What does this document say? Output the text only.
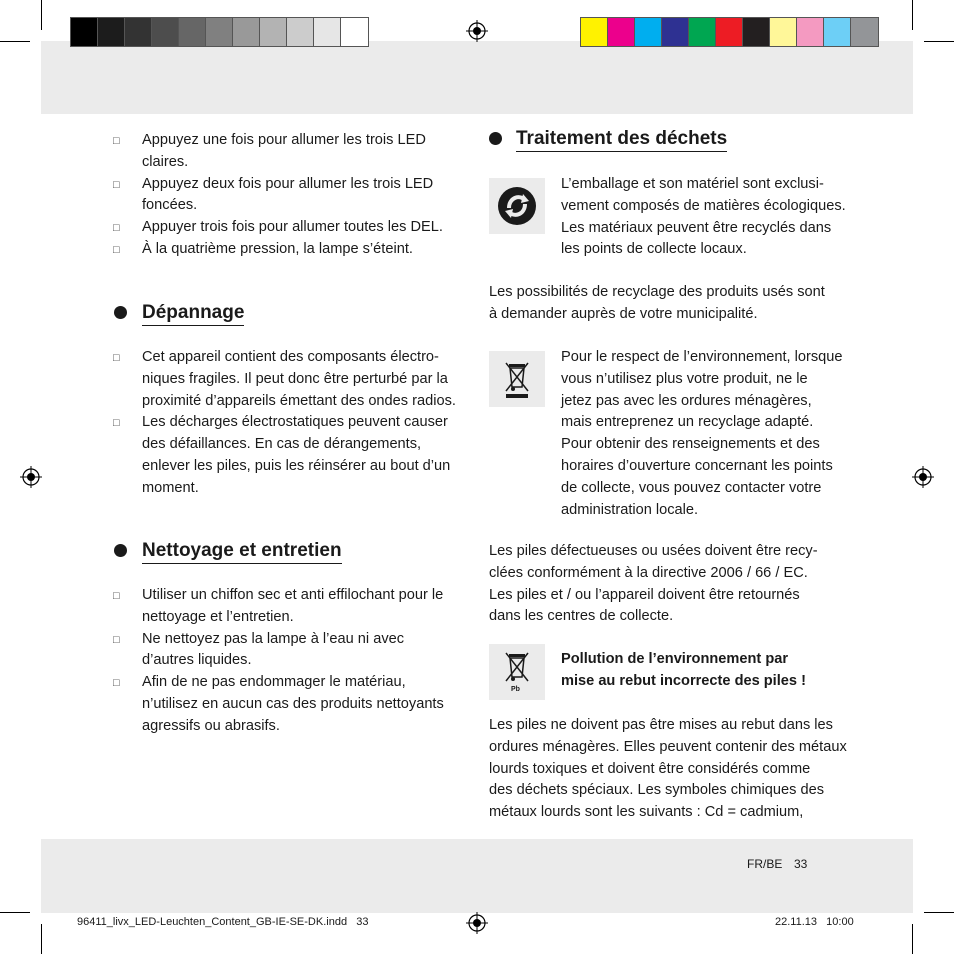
□ Appuyez une fois pour allumer les trois LED
claires.
□ Appuyez deux fois pour allumer les trois LED
foncées.
□ Appuyer trois fois pour allumer toutes les DEL.
□ À la quatrième pression, la lampe s’éteint.
Dépannage
□ Cet appareil contient des composants électro-
niques fragiles. Il peut donc être perturbé par la
proximité d’appareils émettant des ondes radios.
□ Les décharges électrostatiques peuvent causer
des défaillances. En cas de dérangements,
enlever les piles, puis les réinsérer au bout d’un
moment.
Nettoyage et entretien
□ Utiliser un chiffon sec et anti effilochant pour le
nettoyage et l’entretien.
□ Ne nettoyez pas la lampe à l’eau ni avec
d’autres liquides.
□ Afin de ne pas endommager le matériau,
n’utilisez en aucun cas des produits nettoyants
agressifs ou abrasifs.
Traitement des déchets
L’emballage et son matériel sont exclusi-
vement composés de matières écologiques.
Les matériaux peuvent être recyclés dans
les points de collecte locaux.
Les possibilités de recyclage des produits usés sont
à demander auprès de votre municipalité.
Pour le respect de l’environnement, lorsque
vous n’utilisez plus votre produit, ne le
jetez pas avec les ordures ménagères,
mais entreprenez un recyclage adapté.
Pour obtenir des renseignements et des
horaires d’ouverture concernant les points
de collecte, vous pouvez contacter votre
administration locale.
Les piles défectueuses ou usées doivent être recy-
clées conformément à la directive 2006 / 66 / EC.
Les piles et / ou l’appareil doivent être retournés
dans les centres de collecte.
Pb
Pollution de l’environnement par
mise au rebut incorrecte des piles !
Les piles ne doivent pas être mises au rebut dans les
ordures ménagères. Elles peuvent contenir des métaux
lourds toxiques et doivent être considérés comme
des déchets spéciaux. Les symboles chimiques des
métaux lourds sont les suivants : Cd = cadmium,
FR/BE 33
96411_livx_LED-Leuchten_Content_GB-IE-SE-DK.indd   33	22.11.13   10:00
